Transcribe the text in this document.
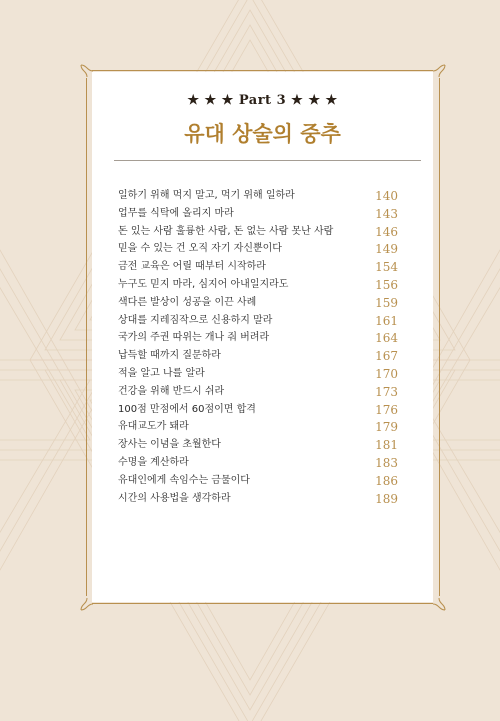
★ ★ ★ Part 3 ★ ★ ★
유대 상술의 중추
일하기 위해 먹지 말고, 먹기 위해 일하라	140
업무를 식탁에 올리지 마라	143
돈 있는 사람 훌륭한 사람, 돈 없는 사람 못난 사람	146
믿을 수 있는 건 오직 자기 자신뿐이다	149
금전 교육은 어릴 때부터 시작하라	154
누구도 믿지 마라, 심지어 아내일지라도	156
색다른 발상이 성공을 이끈 사례	159
상대를 지레짐작으로 신용하지 말라	161
국가의 주권 따위는 개나 줘 버려라	164
납득할 때까지 질문하라	167
적을 알고 나를 알라	170
건강을 위해 반드시 쉬라	173
100점 만점에서 60점이면 합격	176
유대교도가 돼라	179
장사는 이념을 초월한다	181
수명을 계산하라	183
유대인에게 속임수는 금물이다	186
시간의 사용법을 생각하라	189
